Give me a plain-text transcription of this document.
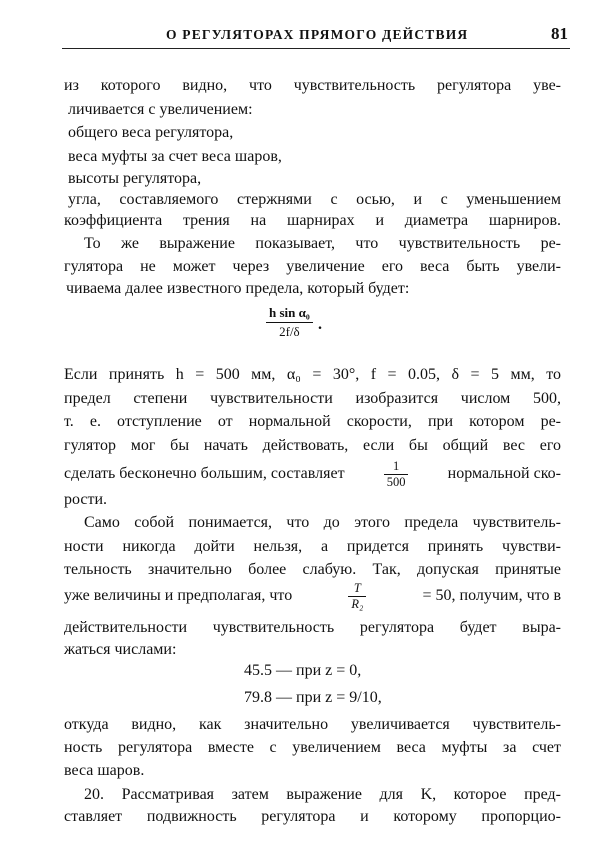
О РЕГУЛЯТОРАХ ПРЯМОГО ДЕЙСТВИЯ	81
из которого видно, что чувствительность регулятора уве-
личивается с увеличением:
общего веса регулятора,
веса муфты за счет веса шаров,
высоты регулятора,
угла, составляемого стержнями с осью, и с уменьшением
коэффициента трения на шарнирах и диаметра шарниров.
То же выражение показывает, что чувствительность ре-
гулятора не может через увеличение его веса быть увели-
чиваема далее известного предела, который будет:
$\frac{\text{h sin α₀}}{2f/\delta}$ .
Если принять h = 500 мм, α₀ = 30°, f = 0.05, δ = 5 мм, то
предел степени чувствительности изобразится числом 500,
т. е. отступление от нормальной скорости, при котором ре-
гулятор мог бы начать действовать, если бы общий вес его
сделать бесконечно большим, составляет	$\frac{1}{500}$ нормальной ско-
рости.
Само собой понимается, что до этого предела чувствитель-
ности никогда дойти нельзя, а придется принять чувстви-
тельность значительно более слабую. Так, допуская принятые
уже величины и предполагая, что	$\frac{T}{\text{R₂}}$	= 50, получим, что в
действительности чувствительность регулятора будет выра-
жаться числами:
45.5 — при z = 0,
79.8 — при z = 9/10,
откуда видно, как значительно увеличивается чувствитель-
ность регулятора вместе с увеличением веса муфты за счет
веса шаров.
20. Рассматривая затем выражение для K, которое пред-
ставляет подвижность регулятора и которому пропорцио-
